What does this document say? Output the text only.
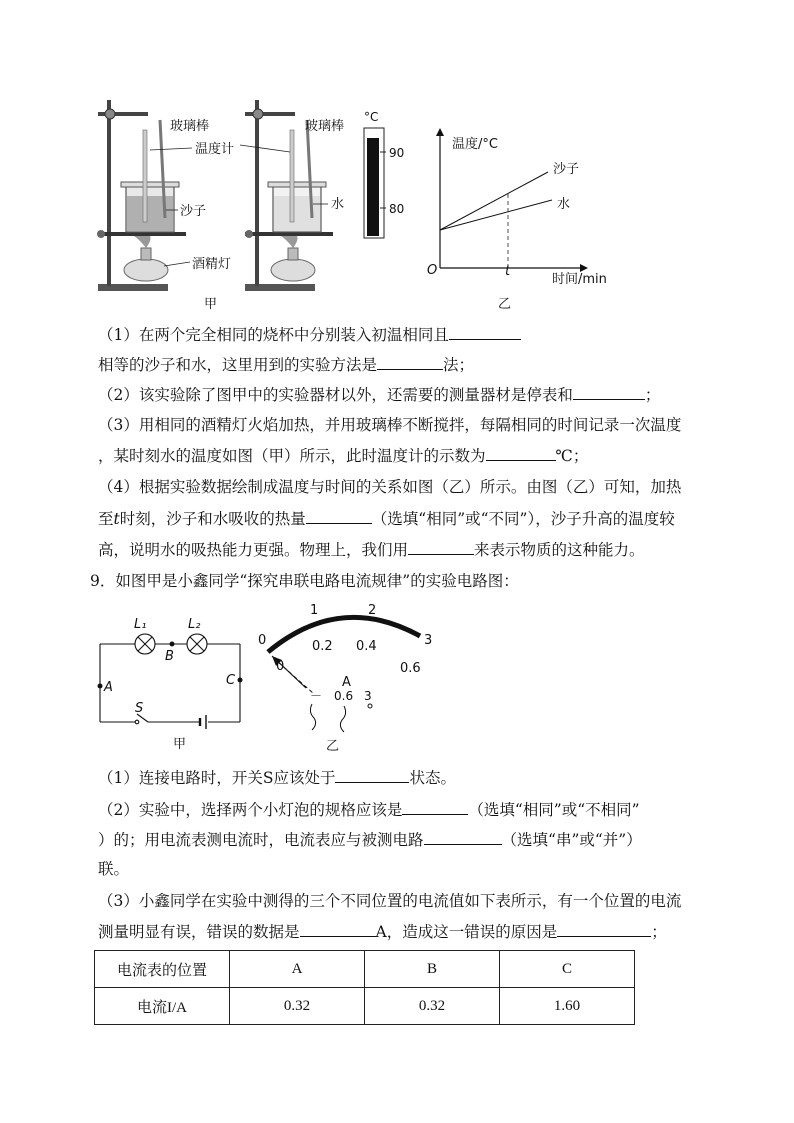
玻璃棒
温度计
沙子
酒精灯
甲
玻璃棒
水
°C
90
80
温度/°C
沙子
水
O	t
时间/min
乙
（1）在两个完全相同的烧杯中分别装入初温相同且
相等的沙子和水，这里用到的实验方法是	法；
（2）该实验除了图甲中的实验器材以外，还需要的测量器材是停表和	；
（3）用相同的酒精灯火焰加热，并用玻璃棒不断搅拌，每隔相同的时间记录一次温度
，某时刻水的温度如图（甲）所示，此时温度计的示数为	℃；
（4）根据实验数据绘制成温度与时间的关系如图（乙）所示。由图（乙）可知，加热
至t时刻，沙子和水吸收的热量	（选填“相同”或“不同”），沙子升高的温度较
高，说明水的吸热能力更强。物理上，我们用	来表示物质的这种能力。
9．如图甲是小鑫同学“探究串联电路电流规律”的实验电路图：
L₁	L₂
B
A	C
S
甲
0
1	2
3
0
0.2 0.4
0.6
A
－ 0.6 3
乙
（1）连接电路时，开关S应该处于	状态。
（2）实验中，选择两个小灯泡的规格应该是	（选填“相同”或“不相同”
）的；用电流表测电流时，电流表应与被测电路	（选填“串”或“并”）
联。
（3）小鑫同学在实验中测得的三个不同位置的电流值如下表所示，有一个位置的电流
测量明显有误，错误的数据是	A，造成这一错误的原因是	；
电流表的位置	A	B	C
电流I/A	0.32	0.32	1.60
